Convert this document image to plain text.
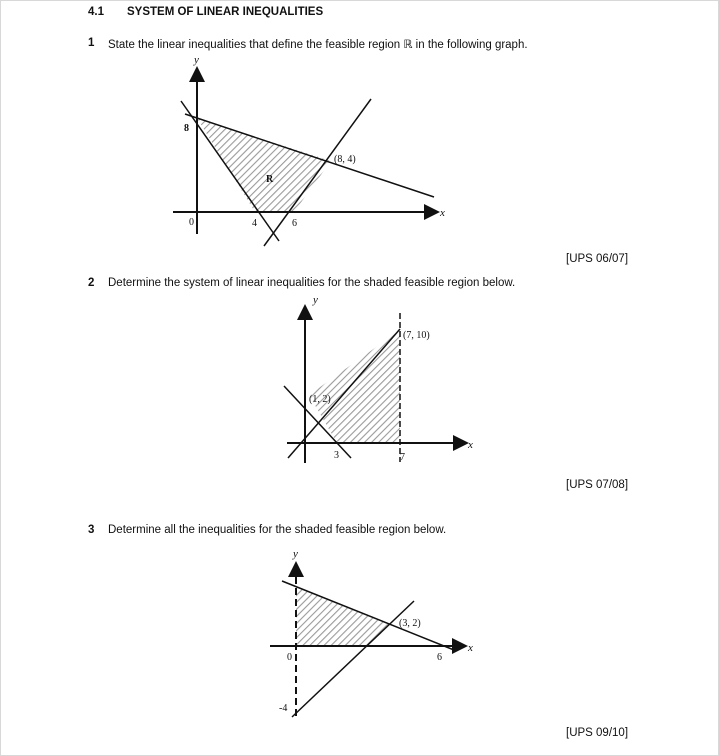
4.1 SYSTEM OF LINEAR INEQUALITIES
1 State the linear inequalities that define the feasible region ℝ in the following graph.
[UPS 06/07]
2 Determine the system of linear inequalities for the shaded feasible region below.
[UPS 07/08]
3 Determine all the inequalities for the shaded feasible region below.
[UPS 09/10]
y
x
8
0	4	6
(8, 4)
R
y
x
(7, 10)
(1, 2)
3	7
y
x
(3, 2)
0	6
-4
